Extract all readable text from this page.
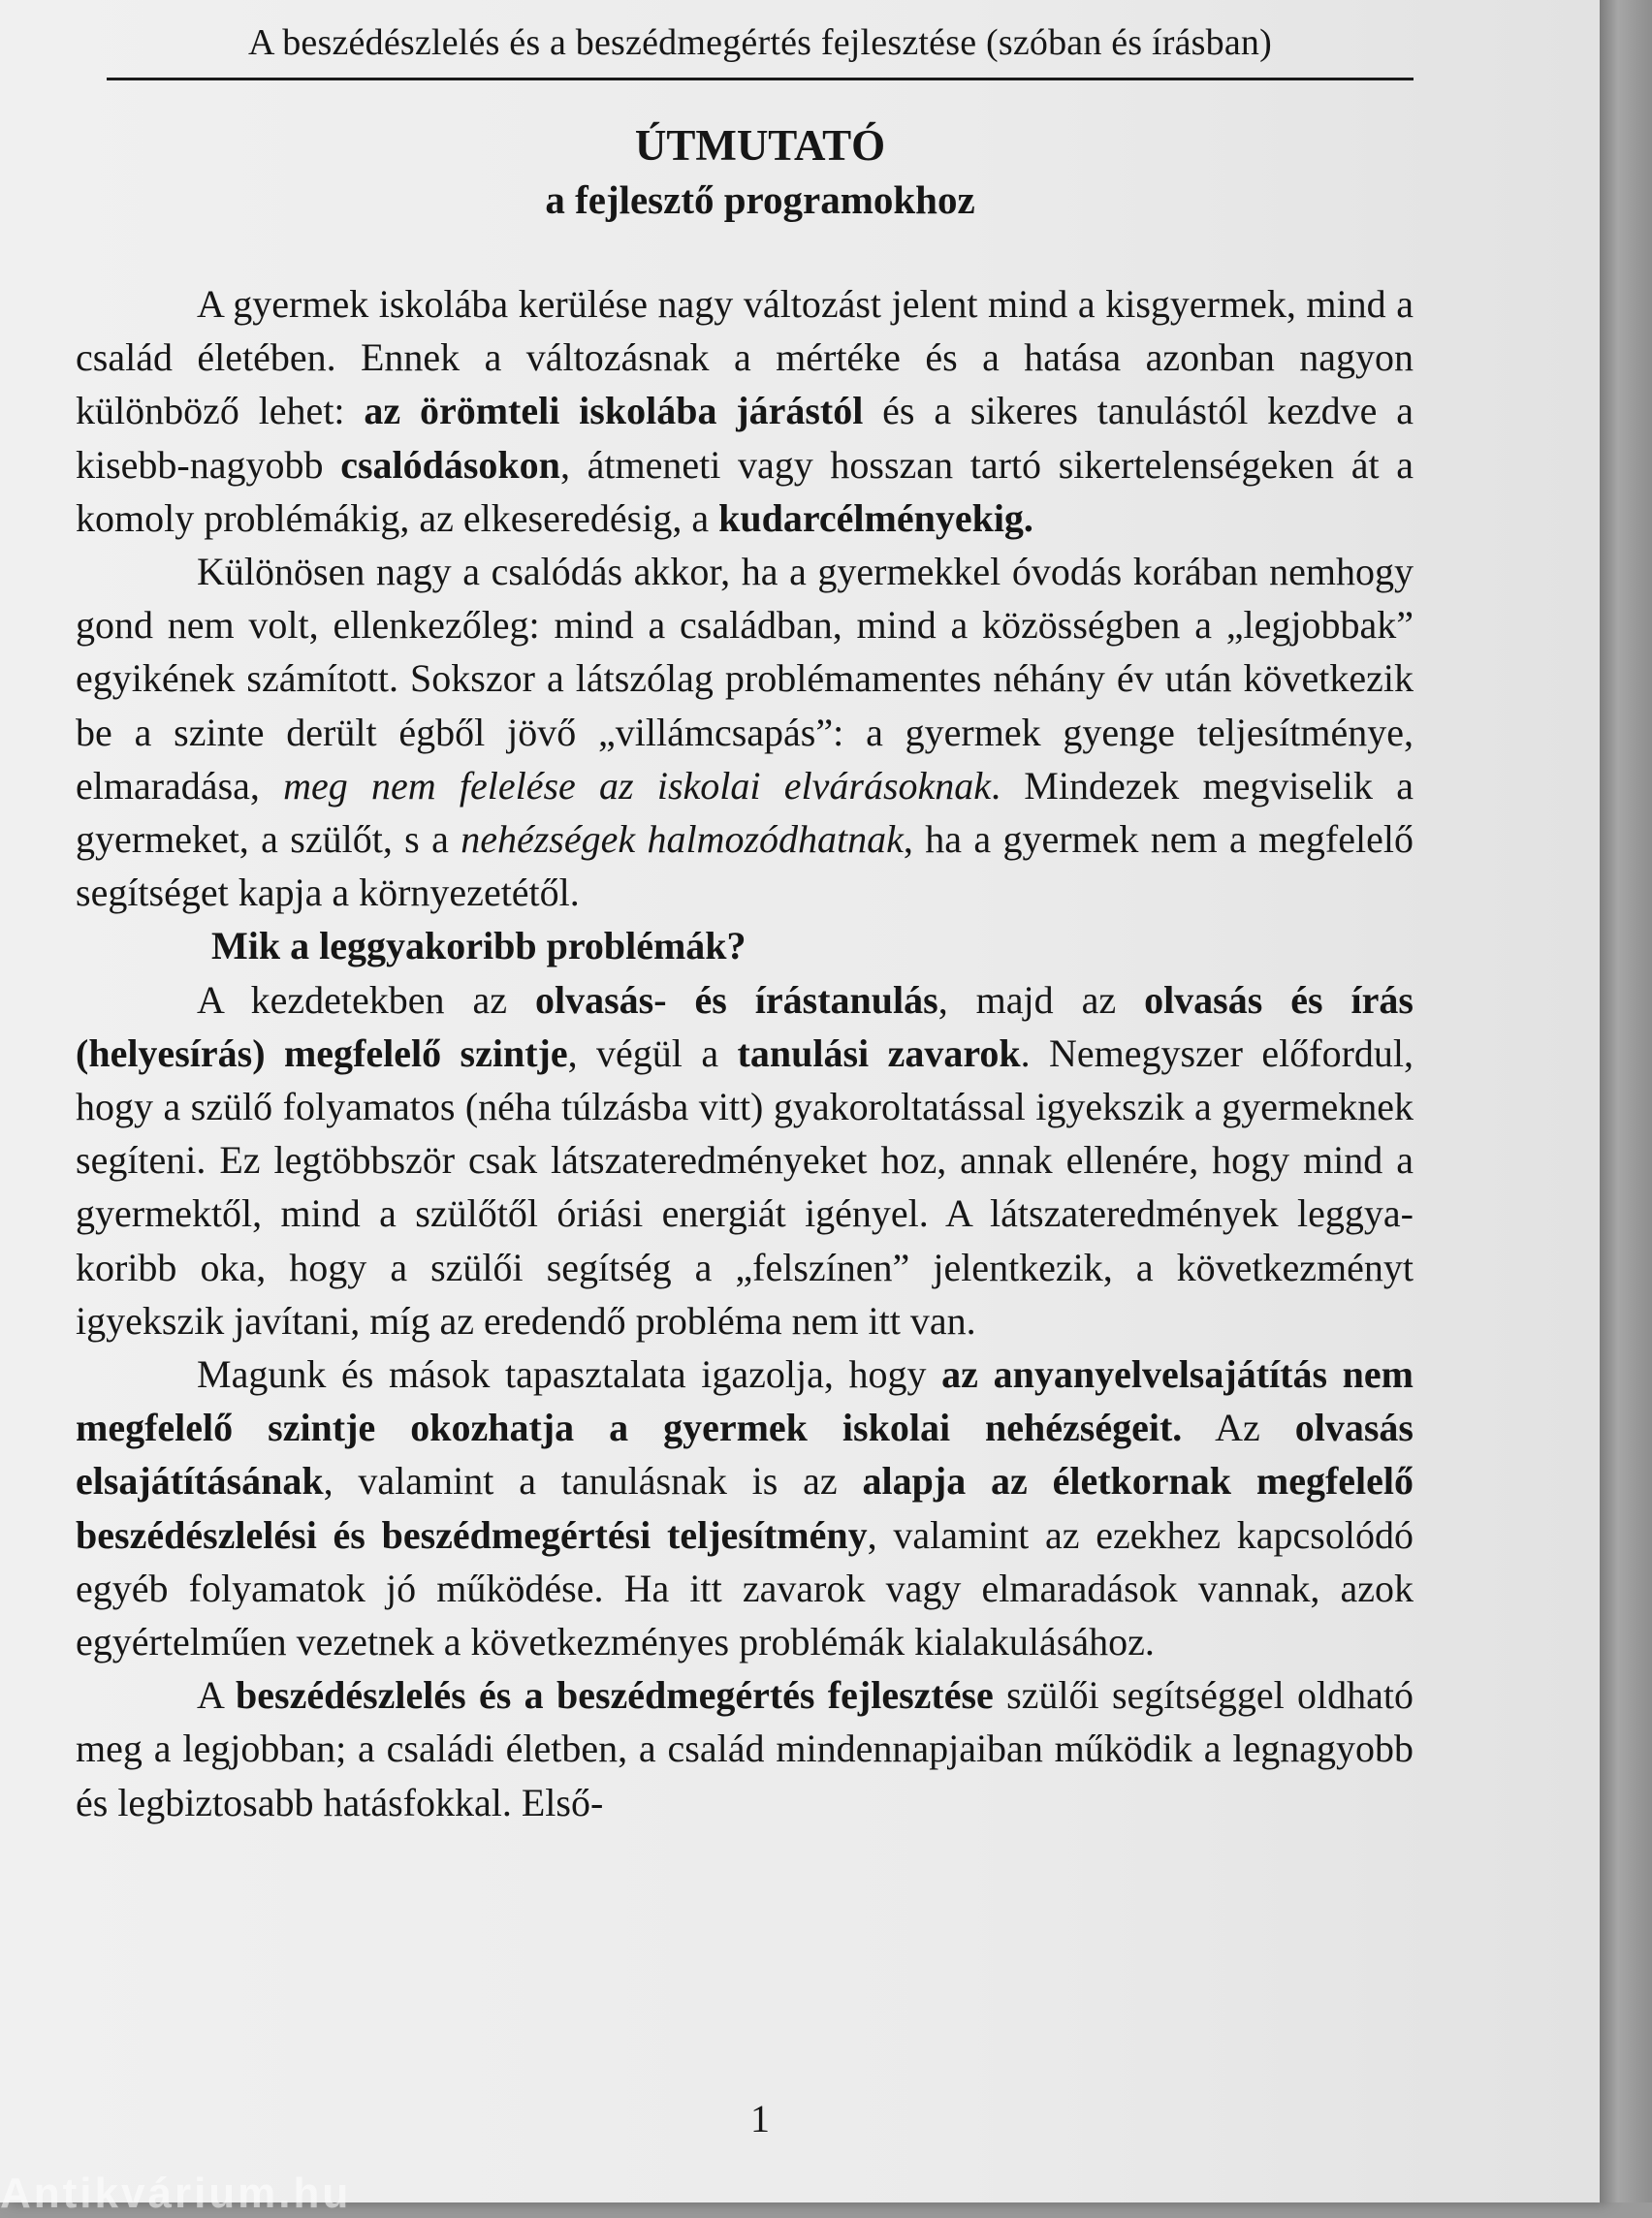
A beszédészlelés és a beszédmegértés fejlesztése (szóban és írásban)
ÚTMUTATÓ
a fejlesztő programokhoz

A gyermek iskolába kerülése nagy változást jelent mind a kisgyermek, mind a család életében. Ennek a változásnak a mértéke és a hatása azonban nagyon különböző lehet: az örömteli iskolába járástól és a sikeres tanulástól kezdve a kisebb-nagyobb csalódásokon, átmeneti vagy hosszan tartó sikertelenségeken át a komoly problémákig, az elkeseredésig, a kudarcélményekig.

Különösen nagy a csalódás akkor, ha a gyermekkel óvodás korában nemhogy gond nem volt, ellenkezőleg: mind a családban, mind a közösségben a „legjobbak” egyikének számított. Sokszor a látszólag problémamentes néhány év után következik be a szinte derült égből jövő „villámcsapás”: a gyermek gyenge teljesítménye, elmaradása, meg nem felelése az iskolai elvárásoknak. Mindezek megviselik a gyermeket, a szülőt, s a nehézségek halmozódhatnak, ha a gyermek nem a megfelelő segítséget kapja a környezetétől.

Mik a leggyakoribb problémák?

A kezdetekben az olvasás- és írástanulás, majd az olvasás és írás (helyesírás) megfelelő szintje, végül a tanulási zavarok. Nemegyszer előfordul, hogy a szülő folyamatos (néha túlzásba vitt) gyakoroltatással igyekszik a gyermeknek segíteni. Ez legtöbbször csak látszateredményeket hoz, annak ellenére, hogy mind a gyermektől, mind a szülőtől óriási energiát igényel. A látszateredmények leggyakoribb oka, hogy a szülői segítség a „felszínen” jelentkezik, a következményt igyekszik javítani, míg az eredendő probléma nem itt van.

Magunk és mások tapasztalata igazolja, hogy az anyanyelvelsajátítás nem megfelelő szintje okozhatja a gyermek iskolai nehézségeit. Az olvasás elsajátításának, valamint a tanulásnak is az alapja az életkornak megfelelő beszédészlelési és beszédmegértési teljesítmény, valamint az ezekhez kapcsolódó egyéb folyamatok jó működése. Ha itt zavarok vagy elmaradások vannak, azok egyértelműen vezetnek a következményes problémák kialakulásához.

A beszédészlelés és a beszédmegértés fejlesztése szülői segítséggel oldható meg a legjobban; a családi életben, a család mindennapjaiban működik a legnagyobb és legbiztosabb hatásfokkal. Első-

1
Antikvárium.hu
